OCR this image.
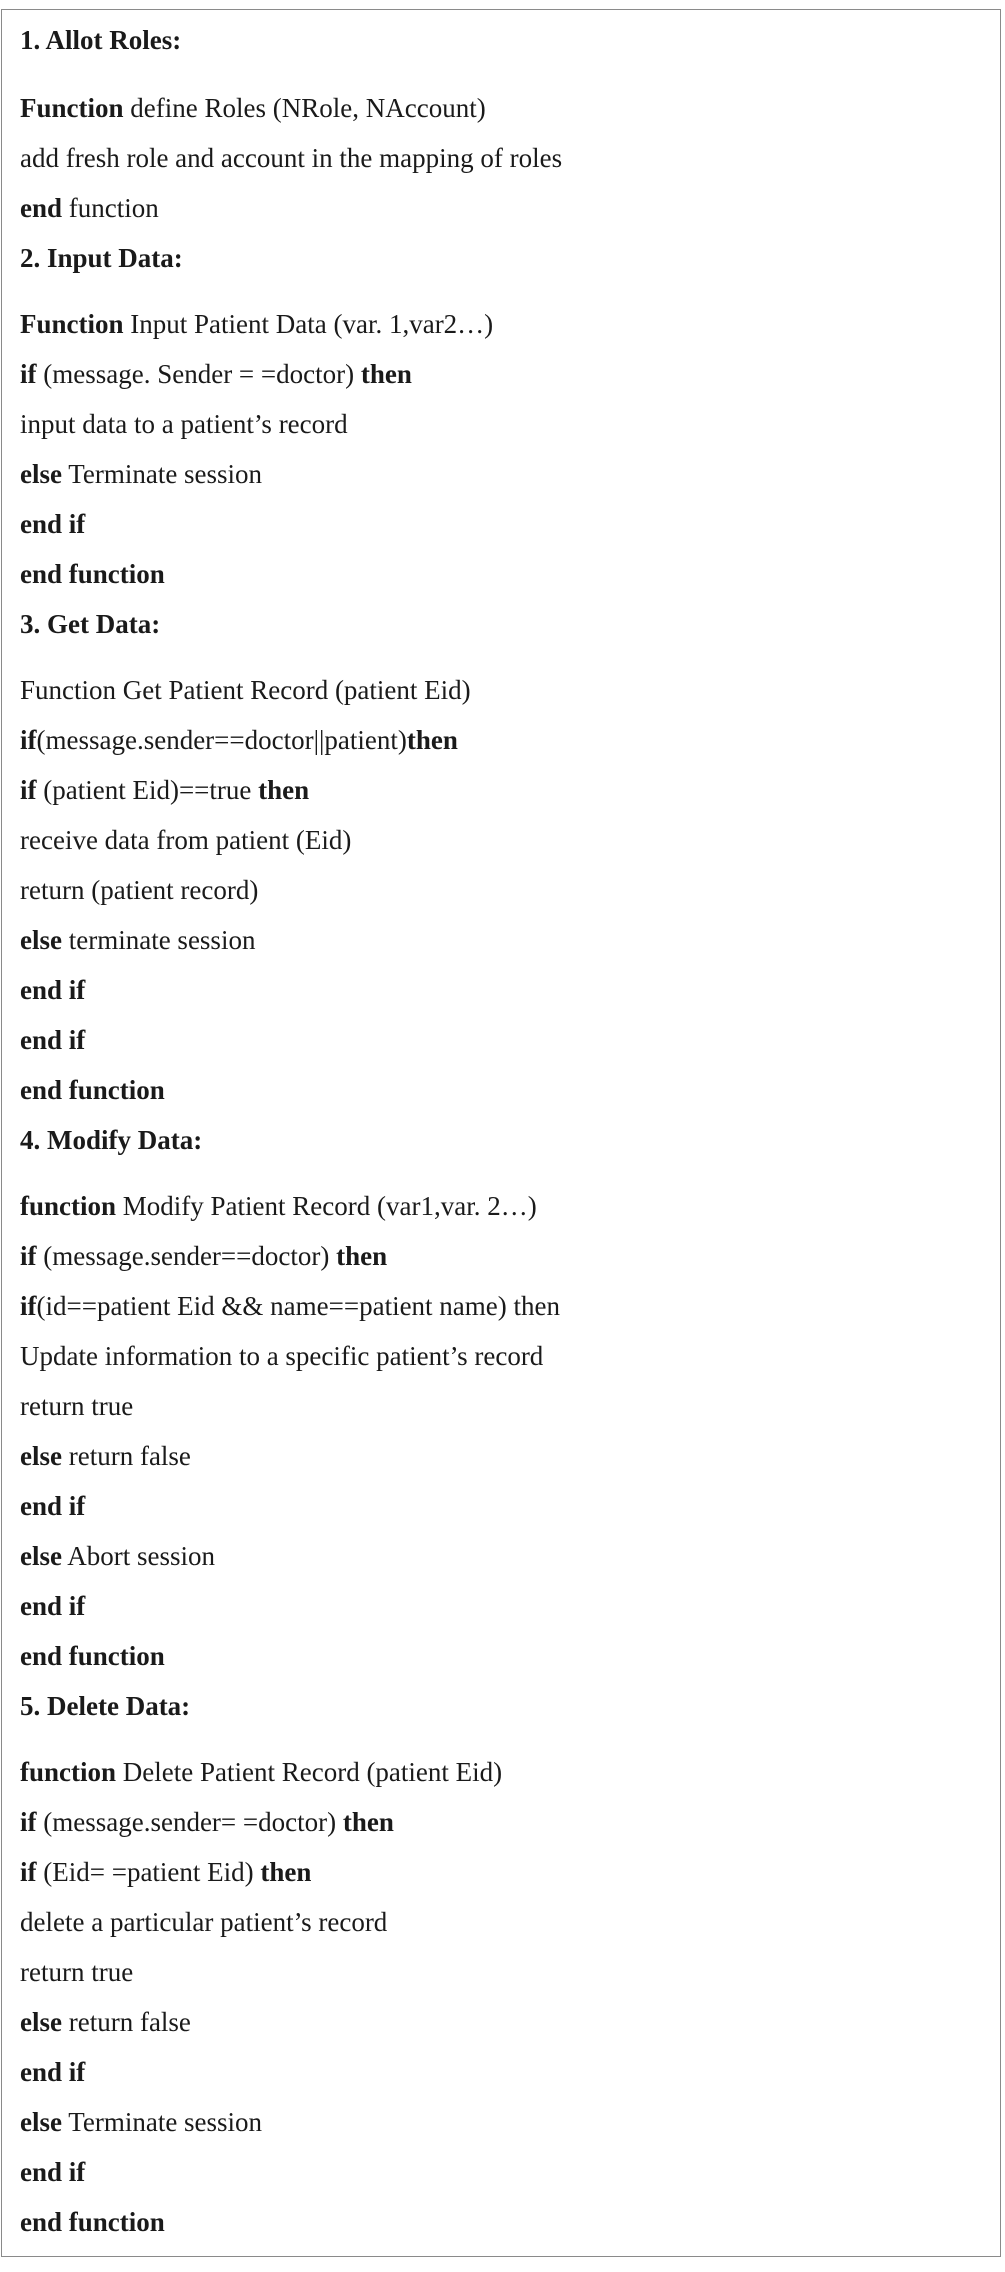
1. Allot Roles:
Function define Roles (NRole, NAccount)
add fresh role and account in the mapping of roles
end function
2. Input Data:
Function Input Patient Data (var. 1,var2…)
if (message. Sender = =doctor) then
input data to a patient’s record
else Terminate session
end if
end function
3. Get Data:
Function Get Patient Record (patient Eid)
if(message.sender==doctor||patient)then
if (patient Eid)==true then
receive data from patient (Eid)
return (patient record)
else terminate session
end if
end if
end function
4. Modify Data:
function Modify Patient Record (var1,var. 2…)
if (message.sender==doctor) then
if(id==patient Eid && name==patient name) then
Update information to a specific patient’s record
return true
else return false
end if
else Abort session
end if
end function
5. Delete Data:
function Delete Patient Record (patient Eid)
if (message.sender= =doctor) then
if (Eid= =patient Eid) then
delete a particular patient’s record
return true
else return false
end if
else Terminate session
end if
end function
